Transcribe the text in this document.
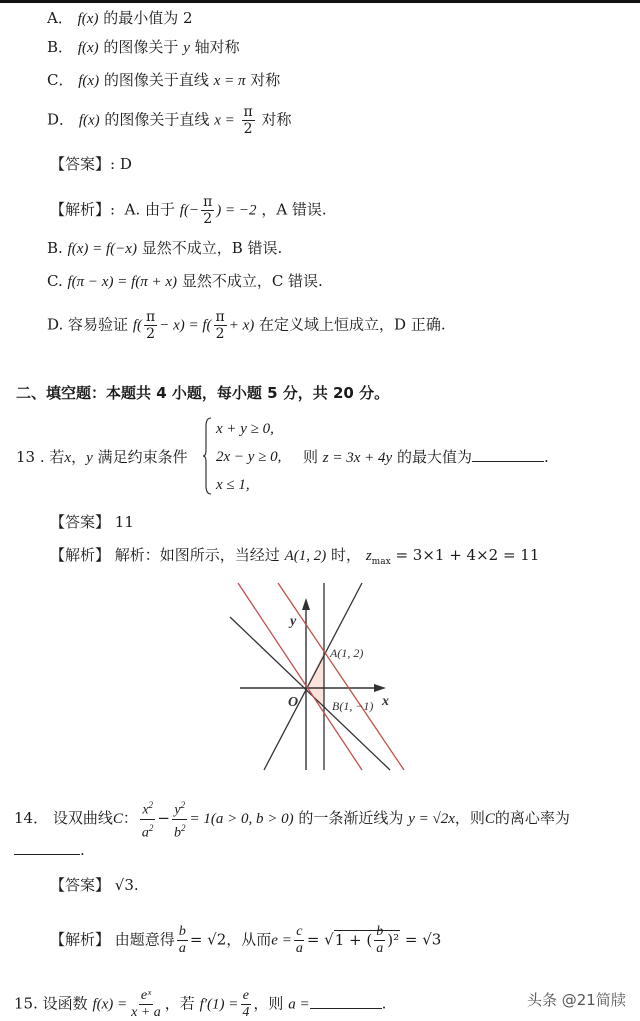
A． f(x) 的最小值为 2
B． f(x) 的图像关于 y 轴对称
C． f(x) 的图像关于直线 x = π 对称
D． f(x) 的图像关于直线 $x = \frac{\pi}{2}$ 对称
【答案】: D
【解析】: A. 由于 $f(- \frac{\pi}{2}$ ) = −2 ，A 错误.
B. f(x) = f(−x) 显然不成立，B 错误.
C. f(π − x) = f(π + x) 显然不成立，C 错误.
D. 容易验证 $f( \frac{\pi}{2} - x) = f( \frac{\pi}{2} + x)$ 在定义域上恒成立，D 正确.
二、填空题：本题共 4 小题，每小题 5 分，共 20 分。
13 . 若x，y 满足约束条件
x + y ≥ 0,
2x − y ≥ 0,
x ≤ 1,
则 z = 3x + 4y 的最大值为	.
【答案】 11
【解析】 解析：如图所示，当经过 A(1, 2) 时， $z_{max} = 3\times 1 + 4\times 2 = 11$
y
x
O
A(1, 2)
B(1, −1)
14． 设双曲线C： $\frac{x^2}{a^2} - \frac{y^2}{b^2} = 1(a > 0$, b > 0) 的一条渐近线为 y = √2x，则C的离心率为
.
【答案】 √3.
【解析】 由题意得 $\frac{b}{a} = √2$，从而$e = \frac{c}{a} = √1$ + ( $\frac{b}{a} )^2 = √3$
15. 设函数 $f(x) = \frac{\text{eˣ}}{x + a}$ ，若 $f'(1) = \frac{e}{4}$ ，则 a =	.	头条 @21简牍
